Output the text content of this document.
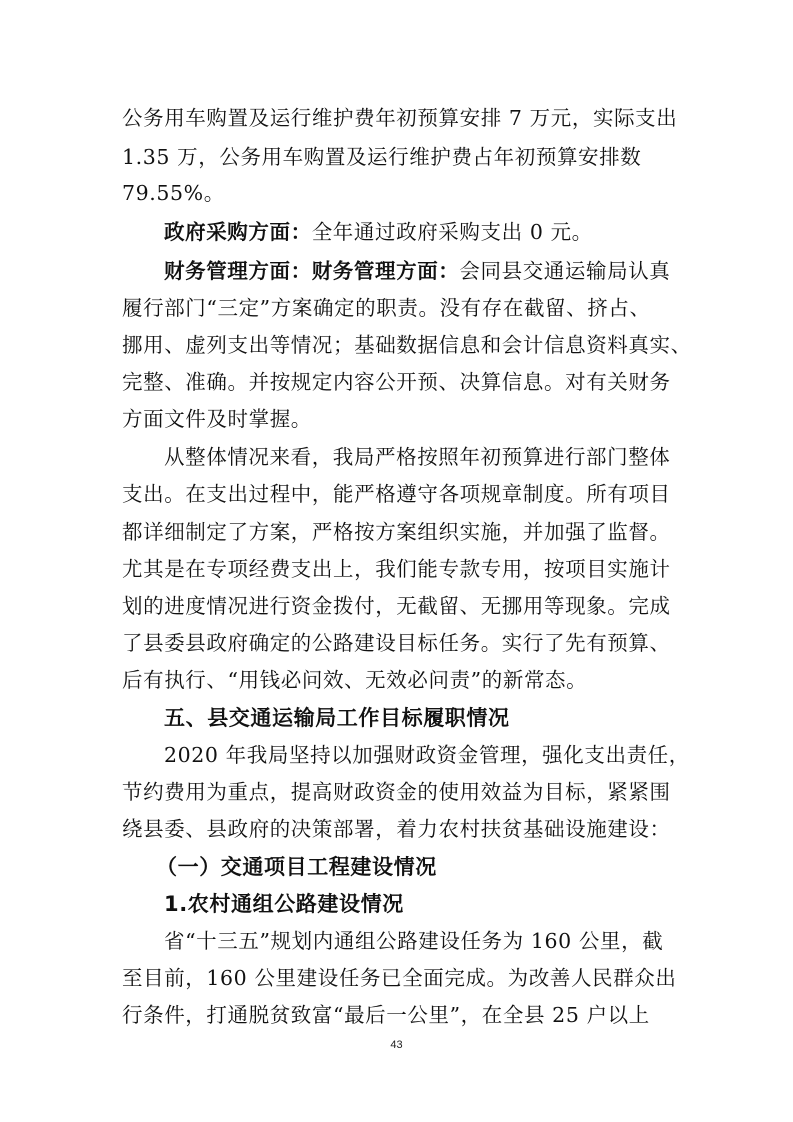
公务用车购置及运行维护费年初预算安排 7 万元，实际支出
1.35 万，公务用车购置及运行维护费占年初预算安排数
79.55%。
政府采购方面：全年通过政府采购支出 0 元。
财务管理方面：财务管理方面：会同县交通运输局认真
履行部门“三定”方案确定的职责。没有存在截留、挤占、
挪用、虚列支出等情况；基础数据信息和会计信息资料真实、
完整、准确。并按规定内容公开预、决算信息。对有关财务
方面文件及时掌握。
从整体情况来看，我局严格按照年初预算进行部门整体
支出。在支出过程中，能严格遵守各项规章制度。所有项目
都详细制定了方案，严格按方案组织实施，并加强了监督。
尤其是在专项经费支出上，我们能专款专用，按项目实施计
划的进度情况进行资金拨付，无截留、无挪用等现象。完成
了县委县政府确定的公路建设目标任务。实行了先有预算、
后有执行、“用钱必问效、无效必问责”的新常态。
五、县交通运输局工作目标履职情况
2020 年我局坚持以加强财政资金管理，强化支出责任，
节约费用为重点，提高财政资金的使用效益为目标，紧紧围
绕县委、县政府的决策部署，着力农村扶贫基础设施建设：
（一）交通项目工程建设情况
1.农村通组公路建设情况
省“十三五”规划内通组公路建设任务为 160 公里，截
至目前，160 公里建设任务已全面完成。为改善人民群众出
行条件，打通脱贫致富“最后一公里”，在全县 25 户以上
43
